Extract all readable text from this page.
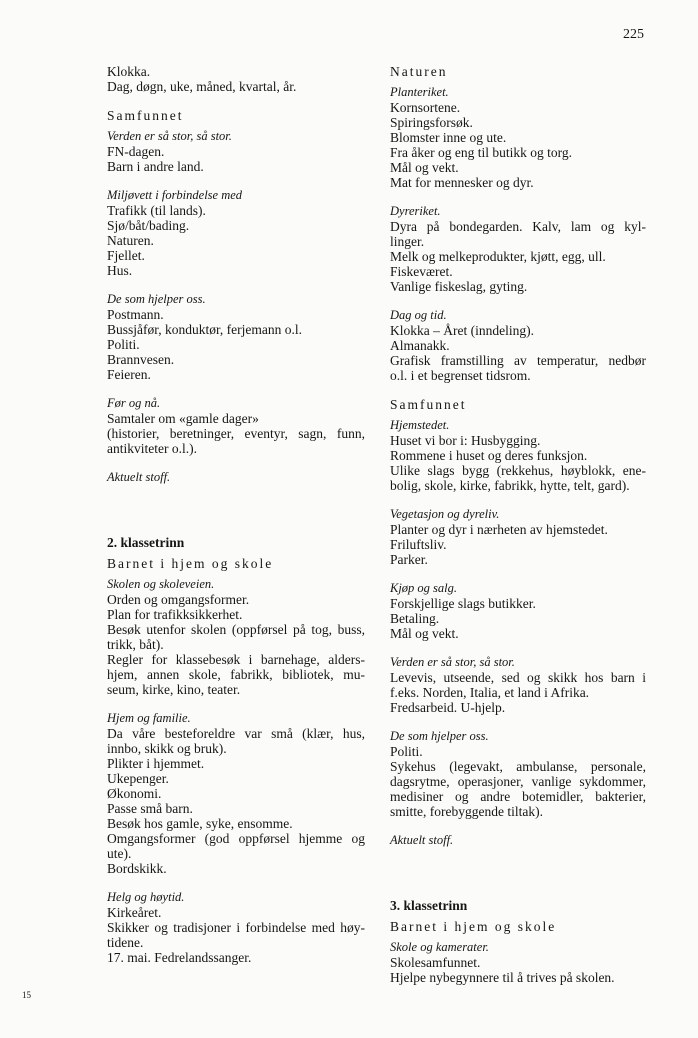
225
Klokka.
Dag, døgn, uke, måned, kvartal, år.
Samfunnet
Verden er så stor, så stor.
FN-dagen.
Barn i andre land.
Miljøvett i forbindelse med
Trafikk (til lands).
Sjø/båt/bading.
Naturen.
Fjellet.
Hus.
De som hjelper oss.
Postmann.
Bussjåfør, konduktør, ferjemann o.l.
Politi.
Brannvesen.
Feieren.
Før og nå.
Samtaler om «gamle dager»
(historier, beretninger, eventyr, sagn, funn,
antikviteter o.l.).
Aktuelt stoff.
2. klassetrinn
Barnet i hjem og skole
Skolen og skoleveien.
Orden og omgangsformer.
Plan for trafikksikkerhet.
Besøk utenfor skolen (oppførsel på tog, buss,
trikk, båt).
Regler for klassebesøk i barnehage, alders-
hjem, annen skole, fabrikk, bibliotek, mu-
seum, kirke, kino, teater.
Hjem og familie.
Da våre besteforeldre var små (klær, hus,
innbo, skikk og bruk).
Plikter i hjemmet.
Ukepenger.
Økonomi.
Passe små barn.
Besøk hos gamle, syke, ensomme.
Omgangsformer (god oppførsel hjemme og
ute).
Bordskikk.
Helg og høytid.
Kirkeåret.
Skikker og tradisjoner i forbindelse med høy-
tidene.
17. mai. Fedrelandssanger.
Naturen
Planteriket.
Kornsortene.
Spiringsforsøk.
Blomster inne og ute.
Fra åker og eng til butikk og torg.
Mål og vekt.
Mat for mennesker og dyr.
Dyreriket.
Dyra på bondegarden. Kalv, lam og kyl-
linger.
Melk og melkeprodukter, kjøtt, egg, ull.
Fiskeværet.
Vanlige fiskeslag, gyting.
Dag og tid.
Klokka – Året (inndeling).
Almanakk.
Grafisk framstilling av temperatur, nedbør
o.l. i et begrenset tidsrom.
Samfunnet
Hjemstedet.
Huset vi bor i: Husbygging.
Rommene i huset og deres funksjon.
Ulike slags bygg (rekkehus, høyblokk, ene-
bolig, skole, kirke, fabrikk, hytte, telt, gard).
Vegetasjon og dyreliv.
Planter og dyr i nærheten av hjemstedet.
Friluftsliv.
Parker.
Kjøp og salg.
Forskjellige slags butikker.
Betaling.
Mål og vekt.
Verden er så stor, så stor.
Levevis, utseende, sed og skikk hos barn i
f.eks. Norden, Italia, et land i Afrika.
Fredsarbeid. U-hjelp.
De som hjelper oss.
Politi.
Sykehus (legevakt, ambulanse, personale,
dagsrytme, operasjoner, vanlige sykdommer,
medisiner og andre botemidler, bakterier,
smitte, forebyggende tiltak).
Aktuelt stoff.
3. klassetrinn
Barnet i hjem og skole
Skole og kamerater.
Skolesamfunnet.
Hjelpe nybegynnere til å trives på skolen.
15
